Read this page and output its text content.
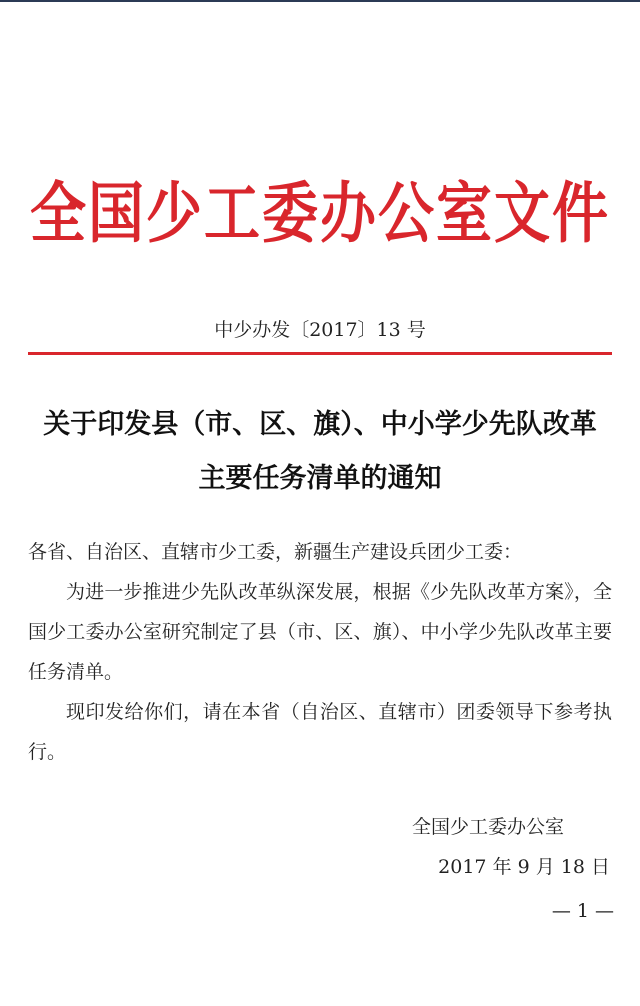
全国少工委办公室文件
中少办发〔2017〕13 号
关于印发县（市、区、旗）、中小学少先队改革
主要任务清单的通知

各省、自治区、直辖市少工委，新疆生产建设兵团少工委：

为进一步推进少先队改革纵深发展，根据《少先队改革方案》，全国少工委办公室研究制定了县（市、区、旗）、中小学少先队改革主要任务清单。

现印发给你们，请在本省（自治区、直辖市）团委领导下参考执行。

全国少工委办公室
2017 年 9 月 18 日
— 1 —
